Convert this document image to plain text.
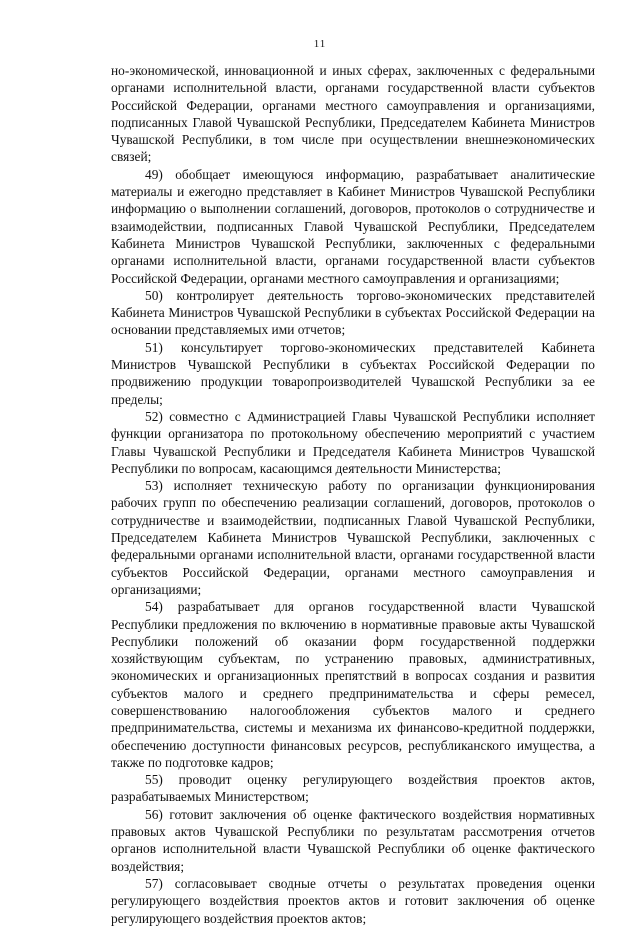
11

но-экономической, инновационной и иных сферах, заключенных с федеральными органами исполнительной власти, органами государственной власти субъектов Российской Федерации, органами местного самоуправления и организациями, подписанных Главой Чувашской Республики, Председателем Кабинета Министров Чувашской Республики, в том числе при осуществлении внешнеэкономических связей;

49) обобщает имеющуюся информацию, разрабатывает аналитические материалы и ежегодно представляет в Кабинет Министров Чувашской Республики информацию о выполнении соглашений, договоров, протоколов о сотрудничестве и взаимодействии, подписанных Главой Чувашской Республики, Председателем Кабинета Министров Чувашской Республики, заключенных с федеральными органами исполнительной власти, органами государственной власти субъектов Российской Федерации, органами местного самоуправления и организациями;

50) контролирует деятельность торгово-экономических представителей Кабинета Министров Чувашской Республики в субъектах Российской Федерации на основании представляемых ими отчетов;

51) консультирует торгово-экономических представителей Кабинета Министров Чувашской Республики в субъектах Российской Федерации по продвижению продукции товаропроизводителей Чувашской Республики за ее пределы;

52) совместно с Администрацией Главы Чувашской Республики исполняет функции организатора по протокольному обеспечению мероприятий с участием Главы Чувашской Республики и Председателя Кабинета Министров Чувашской Республики по вопросам, касающимся деятельности Министерства;

53) исполняет техническую работу по организации функционирования рабочих групп по обеспечению реализации соглашений, договоров, протоколов о сотрудничестве и взаимодействии, подписанных Главой Чувашской Республики, Председателем Кабинета Министров Чувашской Республики, заключенных с федеральными органами исполнительной власти, органами государственной власти субъектов Российской Федерации, органами местного самоуправления и организациями;

54) разрабатывает для органов государственной власти Чувашской Республики предложения по включению в нормативные правовые акты Чувашской Республики положений об оказании форм государственной поддержки хозяйствующим субъектам, по устранению правовых, административных, экономических и организационных препятствий в вопросах создания и развития субъектов малого и среднего предпринимательства и сферы ремесел, совершенствованию налогообложения субъектов малого и среднего предпринимательства, системы и механизма их финансово-кредитной поддержки, обеспечению доступности финансовых ресурсов, республиканского имущества, а также по подготовке кадров;

55) проводит оценку регулирующего воздействия проектов актов, разрабатываемых Министерством;

56) готовит заключения об оценке фактического воздействия нормативных правовых актов Чувашской Республики по результатам рассмотрения отчетов органов исполнительной власти Чувашской Республики об оценке фактического воздействия;

57) согласовывает сводные отчеты о результатах проведения оценки регулирующего воздействия проектов актов и готовит заключения об оценке регулирующего воздействия проектов актов;
